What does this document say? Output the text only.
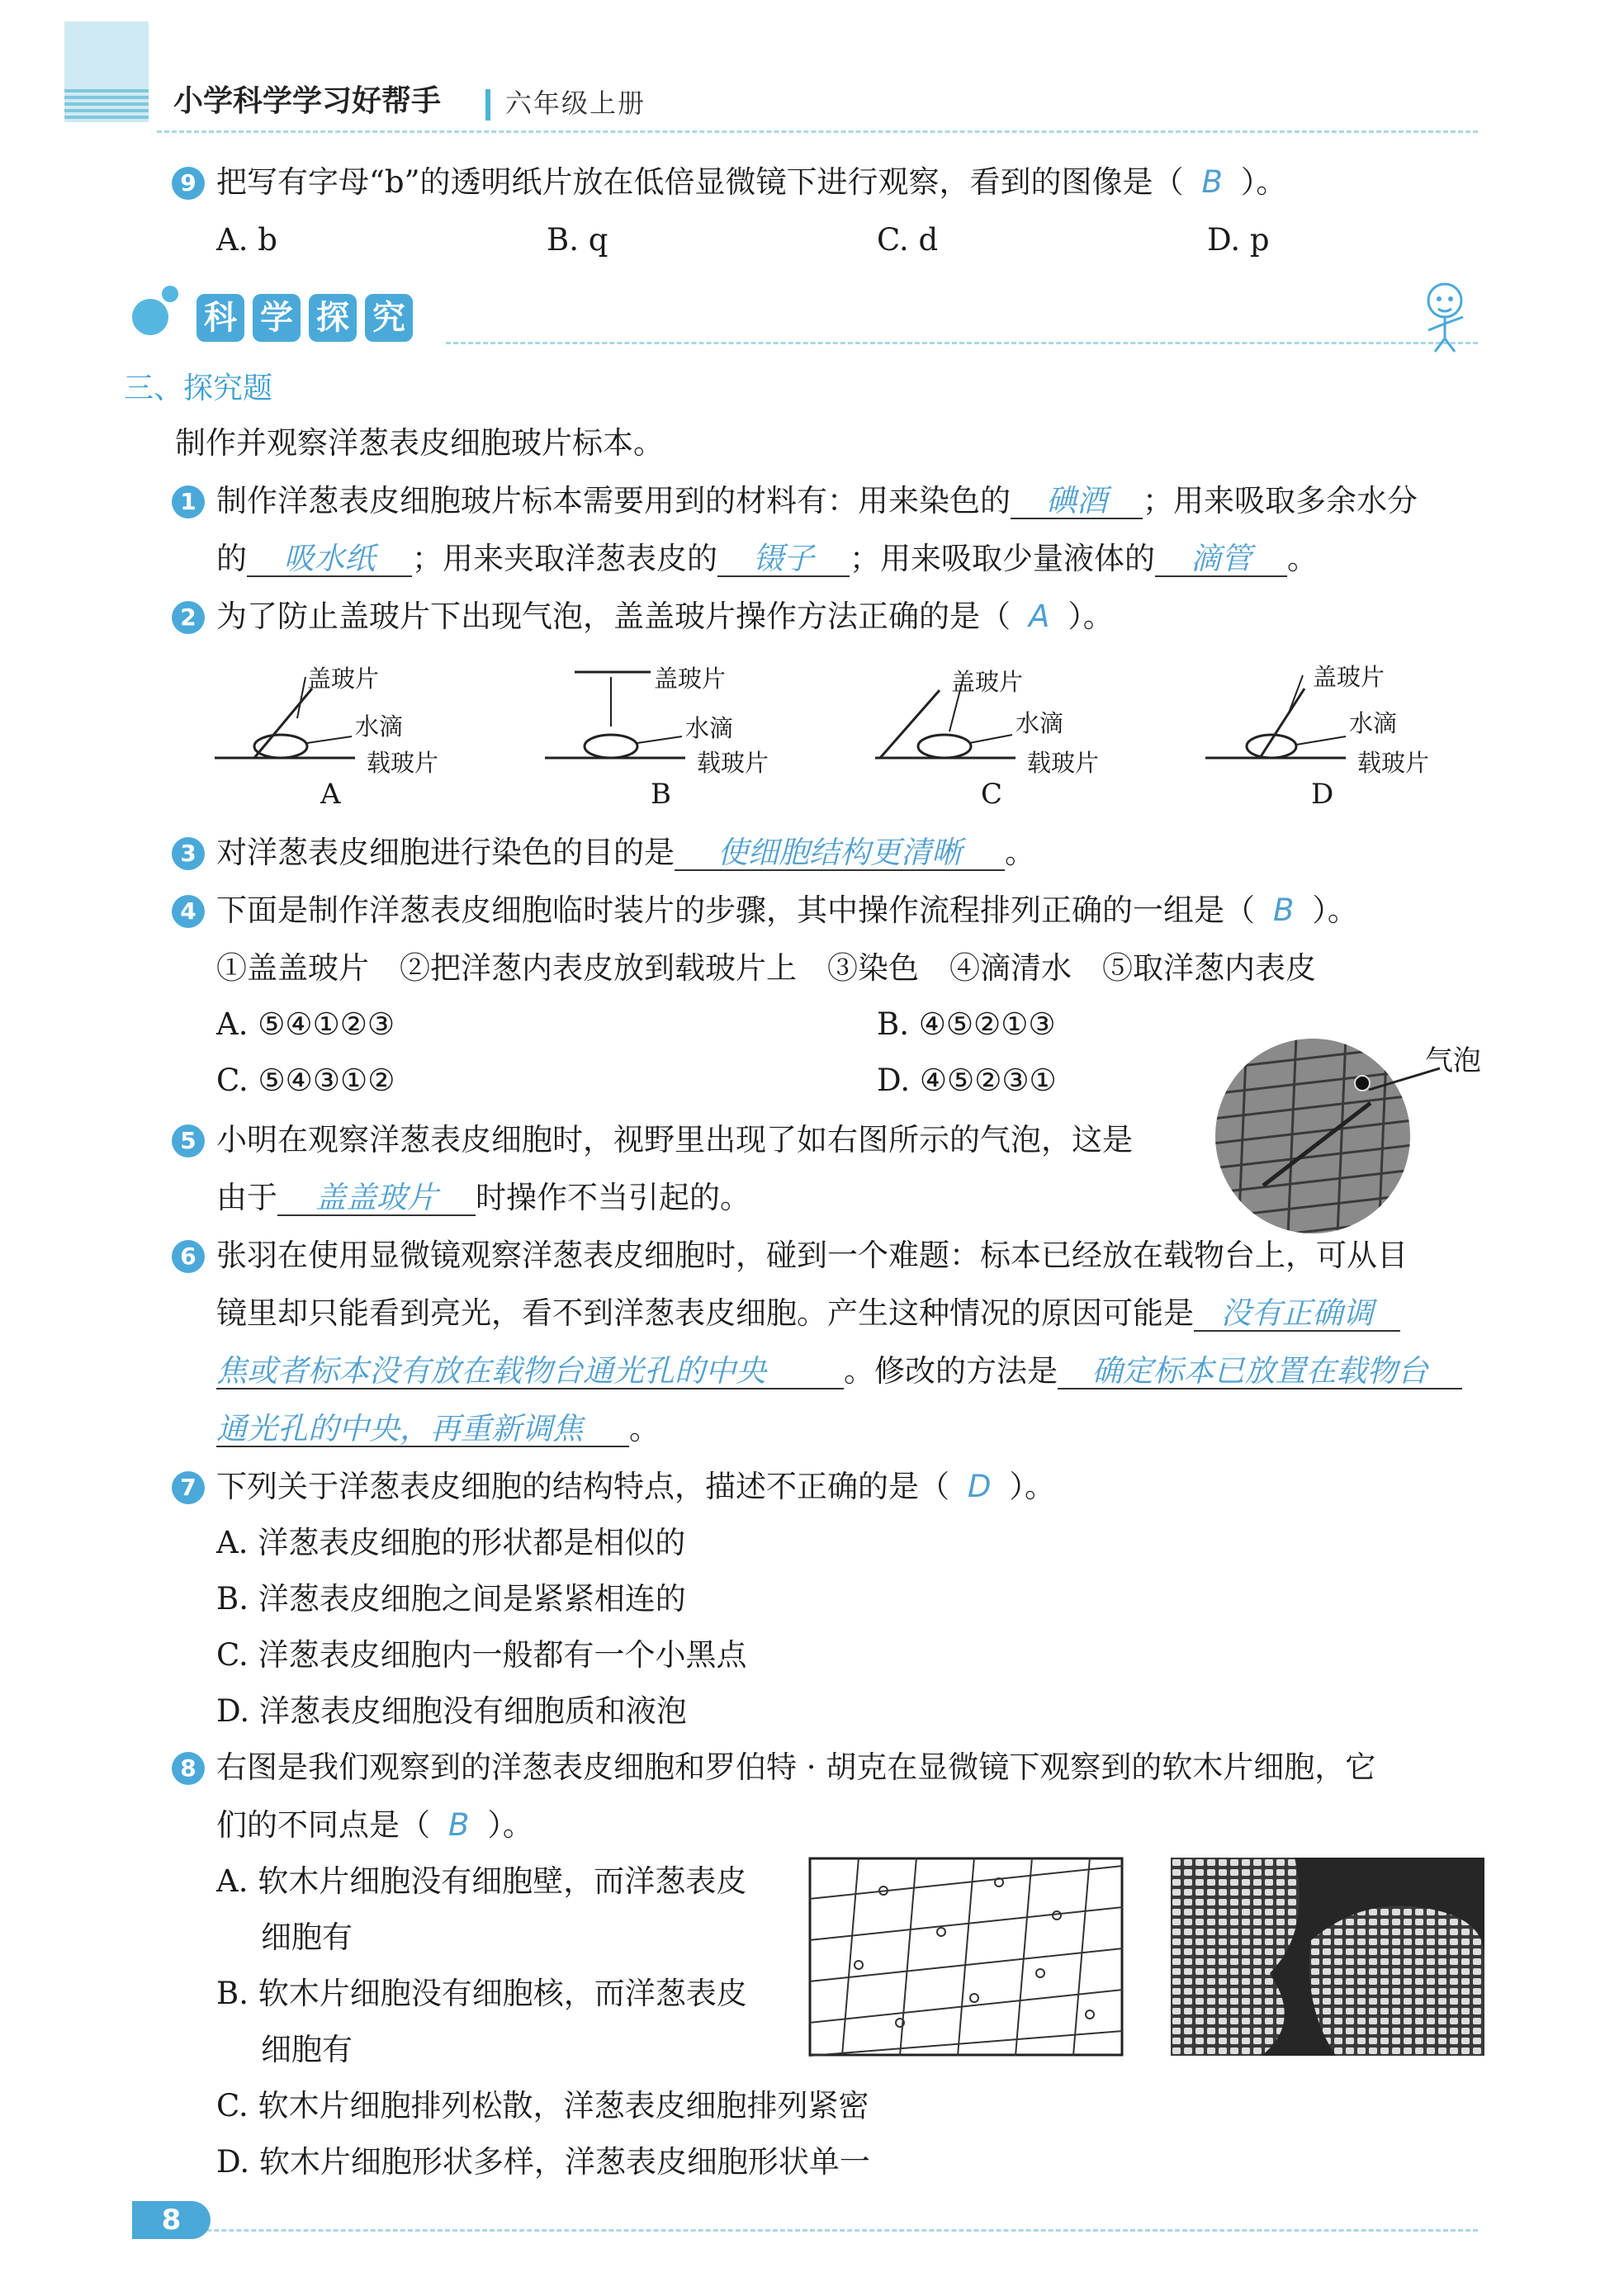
小学科学学习好帮手 六年级上册
9 把写有字母“b”的透明纸片放在低倍显微镜下进行观察，看到的图像是（ B ）。
A. b	B. q	C. d	D. p
科 学 探 究
三、探究题
制作并观察洋葱表皮细胞玻片标本。
1 制作洋葱表皮细胞玻片标本需要用到的材料有：用来染色的 碘酒 ；用来吸取多余水分
的 吸水纸 ；用来夹取洋葱表皮的 镊子 ；用来吸取少量液体的 滴管 。
2 为了防止盖玻片下出现气泡，盖盖玻片操作方法正确的是（ A ）。
盖玻片
水滴
载玻片
A
盖玻片
水滴
载玻片
B
盖玻片
水滴
载玻片
C
盖玻片
水滴
载玻片
D
3 对洋葱表皮细胞进行染色的目的是 使细胞结构更清晰 。
4 下面是制作洋葱表皮细胞临时装片的步骤，其中操作流程排列正确的一组是（ B ）。
①盖盖玻片　②把洋葱内表皮放到载玻片上　③染色　④滴清水　⑤取洋葱内表皮
A. ⑤④①②③	B. ④⑤②①③
C. ⑤④③①②	D. ④⑤②③①
气泡
5 小明在观察洋葱表皮细胞时，视野里出现了如右图所示的气泡，这是
由于 盖盖玻片 时操作不当引起的。
6 张羽在使用显微镜观察洋葱表皮细胞时，碰到一个难题：标本已经放在载物台上，可从目
镜里却只能看到亮光，看不到洋葱表皮细胞。产生这种情况的原因可能是 没有正确调
焦或者标本没有放在载物台通光孔的中央	。修改的方法是 确定标本已放置在载物台
通光孔的中央，再重新调焦 。
7 下列关于洋葱表皮细胞的结构特点，描述不正确的是（ D ）。
A. 洋葱表皮细胞的形状都是相似的
B. 洋葱表皮细胞之间是紧紧相连的
C. 洋葱表皮细胞内一般都有一个小黑点
D. 洋葱表皮细胞没有细胞质和液泡
8 右图是我们观察到的洋葱表皮细胞和罗伯特 · 胡克在显微镜下观察到的软木片细胞，它
们的不同点是（ B ）。
A. 软木片细胞没有细胞壁，而洋葱表皮
细胞有
B. 软木片细胞没有细胞核，而洋葱表皮
细胞有
C. 软木片细胞排列松散，洋葱表皮细胞排列紧密
D. 软木片细胞形状多样，洋葱表皮细胞形状单一
8
